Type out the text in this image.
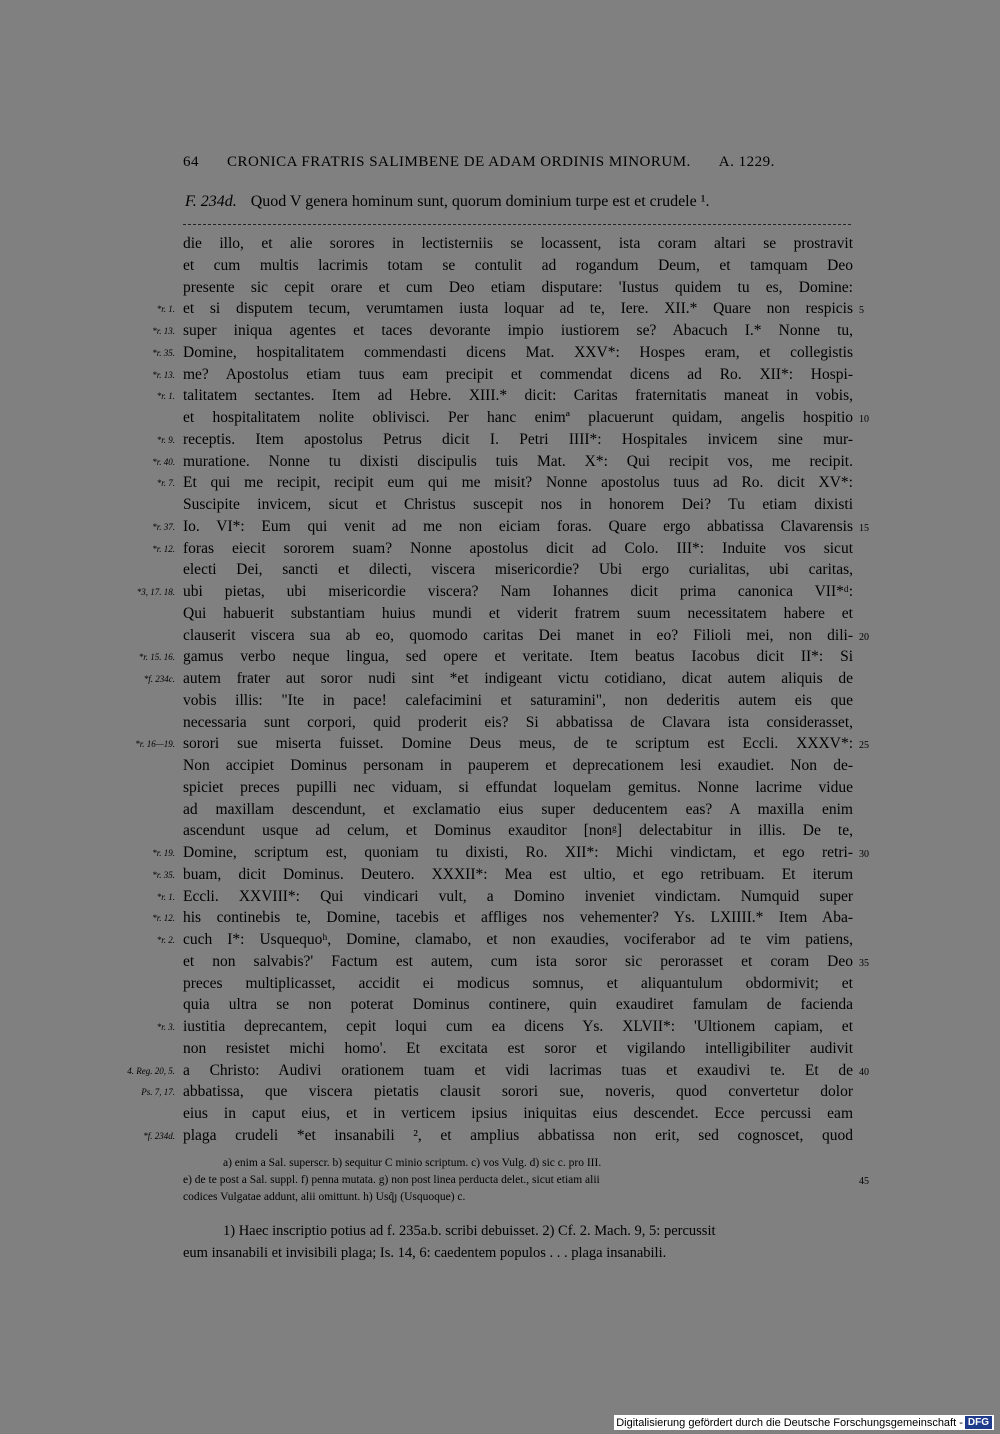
64 CRONICA FRATRIS SALIMBENE DE ADAM ORDINIS MINORUM. A. 1229.
F. 234d. Quod V genera hominum sunt, quorum dominium turpe est et crudele ¹.
die illo, et alie sorores in lectisterniis se locassent, ista coram altari se prostravit
et cum multis lacrimis totam se contulit ad rogandum Deum, et tamquam Deo
presente sic cepit orare et cum Deo etiam disputare: 'Iustus quidem tu es, Domine:
*r. 1. et si disputem tecum, verumtamen iusta loquar ad te, Iere. XII.* Quare non respicis 5
*r. 13. super iniqua agentes et taces devorante impio iustiorem se? Abacuch I.* Nonne tu,
*r. 35. Domine, hospitalitatem commendasti dicens Mat. XXV*: Hospes eram, et collegistis
*r. 13. me? Apostolus etiam tuus eam precipit et commendat dicens ad Ro. XII*: Hospi-
*r. 1. talitatem sectantes. Item ad Hebre. XIII.* dicit: Caritas fraternitatis maneat in vobis,
et hospitalitatem nolite oblivisci. Per hanc enimª placuerunt quidam, angelis hospitio 10
*r. 9. receptis. Item apostolus Petrus dicit I. Petri IIII*: Hospitales invicem sine mur-
*r. 40. muratione. Nonne tu dixisti discipulis tuis Mat. X*: Qui recipit vos, me recipit.
*r. 7. Et qui me recipit, recipit eum qui me misit? Nonne apostolus tuus ad Ro. dicit XV*:
Suscipite invicem, sicut et Christus suscepit nos in honorem Dei? Tu etiam dixisti
*r. 37. Io. VI*: Eum qui venit ad me non eiciam foras. Quare ergo abbatissa Clavarensis 15
*r. 12. foras eiecit sororem suam? Nonne apostolus dicit ad Colo. III*: Induite vos sicut
electi Dei, sancti et dilecti, viscera misericordie? Ubi ergo curialitas, ubi caritas,
*3, 17. 18. ubi pietas, ubi misericordie viscera? Nam Iohannes dicit prima canonica VII*ᵈ:
Qui habuerit substantiam huius mundi et viderit fratrem suum necessitatem habere et
clauserit viscera sua ab eo, quomodo caritas Dei manet in eo? Filioli mei, non dili- 20
*r. 15. 16. gamus verbo neque lingua, sed opere et veritate. Item beatus Iacobus dicit II*: Si
*f. 234c. autem frater aut soror nudi sint *et indigeant victu cotidiano, dicat autem aliquis de
vobis illis: "Ite in pace! calefacimini et saturamini", non dederitis autem eis que
necessaria sunt corpori, quid proderit eis? Si abbatissa de Clavara ista considerasset,
*r. 16—19. sorori sue miserta fuisset. Domine Deus meus, de te scriptum est Eccli. XXXV*: 25
Non accipiet Dominus personam in pauperem et deprecationem lesi exaudiet. Non de-
spiciet preces pupilli nec viduam, si effundat loquelam gemitus. Nonne lacrime vidue
ad maxillam descendunt, et exclamatio eius super deducentem eas? A maxilla enim
ascendunt usque ad celum, et Dominus exauditor [nonᵍ] delectabitur in illis. De te,
*r. 19. Domine, scriptum est, quoniam tu dixisti, Ro. XII*: Michi vindictam, et ego retri- 30
*r. 35. buam, dicit Dominus. Deutero. XXXII*: Mea est ultio, et ego retribuam. Et iterum
*r. 1. Eccli. XXVIII*: Qui vindicari vult, a Domino inveniet vindictam. Numquid super
*r. 12. his continebis te, Domine, tacebis et affliges nos vehementer? Ys. LXIIII.* Item Aba-
*r. 2. cuch I*: Usquequoʰ, Domine, clamabo, et non exaudies, vociferabor ad te vim patiens,
et non salvabis?' Factum est autem, cum ista soror sic perorasset et coram Deo 35
preces multiplicasset, accidit ei modicus somnus, et aliquantulum obdormivit; et
quia ultra se non poterat Dominus continere, quin exaudiret famulam de facienda
*r. 3. iustitia deprecantem, cepit loqui cum ea dicens Ys. XLVII*: 'Ultionem capiam, et
non resistet michi homo'. Et excitata est soror et vigilando intelligibiliter audivit
4. Reg. 20, 5. a Christo: Audivi orationem tuam et vidi lacrimas tuas et exaudivi te. Et de 40
Ps. 7, 17. abbatissa, que viscera pietatis clausit sorori sue, noveris, quod convertetur dolor
eius in caput eius, et in verticem ipsius iniquitas eius descendet. Ecce percussi eam
*f. 234d. plaga crudeli *et insanabili ², et amplius abbatissa non erit, sed cognoscet, quod
a) enim a Sal. superscr. b) sequitur C minio scriptum. c) vos Vulg. d) sic c. pro III.
e) de te post a Sal. suppl. f) penna mutata. g) non post linea perducta delet., sicut etiam alii	45
codices Vulgatae addunt, alii omittunt. h) Usq̃ȷ (Usquoque) c.
1) Haec inscriptio potius ad f. 235a.b. scribi debuisset. 2) Cf. 2. Mach. 9, 5: percussit
eum insanabili et invisibili plaga; Is. 14, 6: caedentem populos . . . plaga insanabili.
Digitalisierung gefördert durch die Deutsche Forschungsgemeinschaft - DFG
